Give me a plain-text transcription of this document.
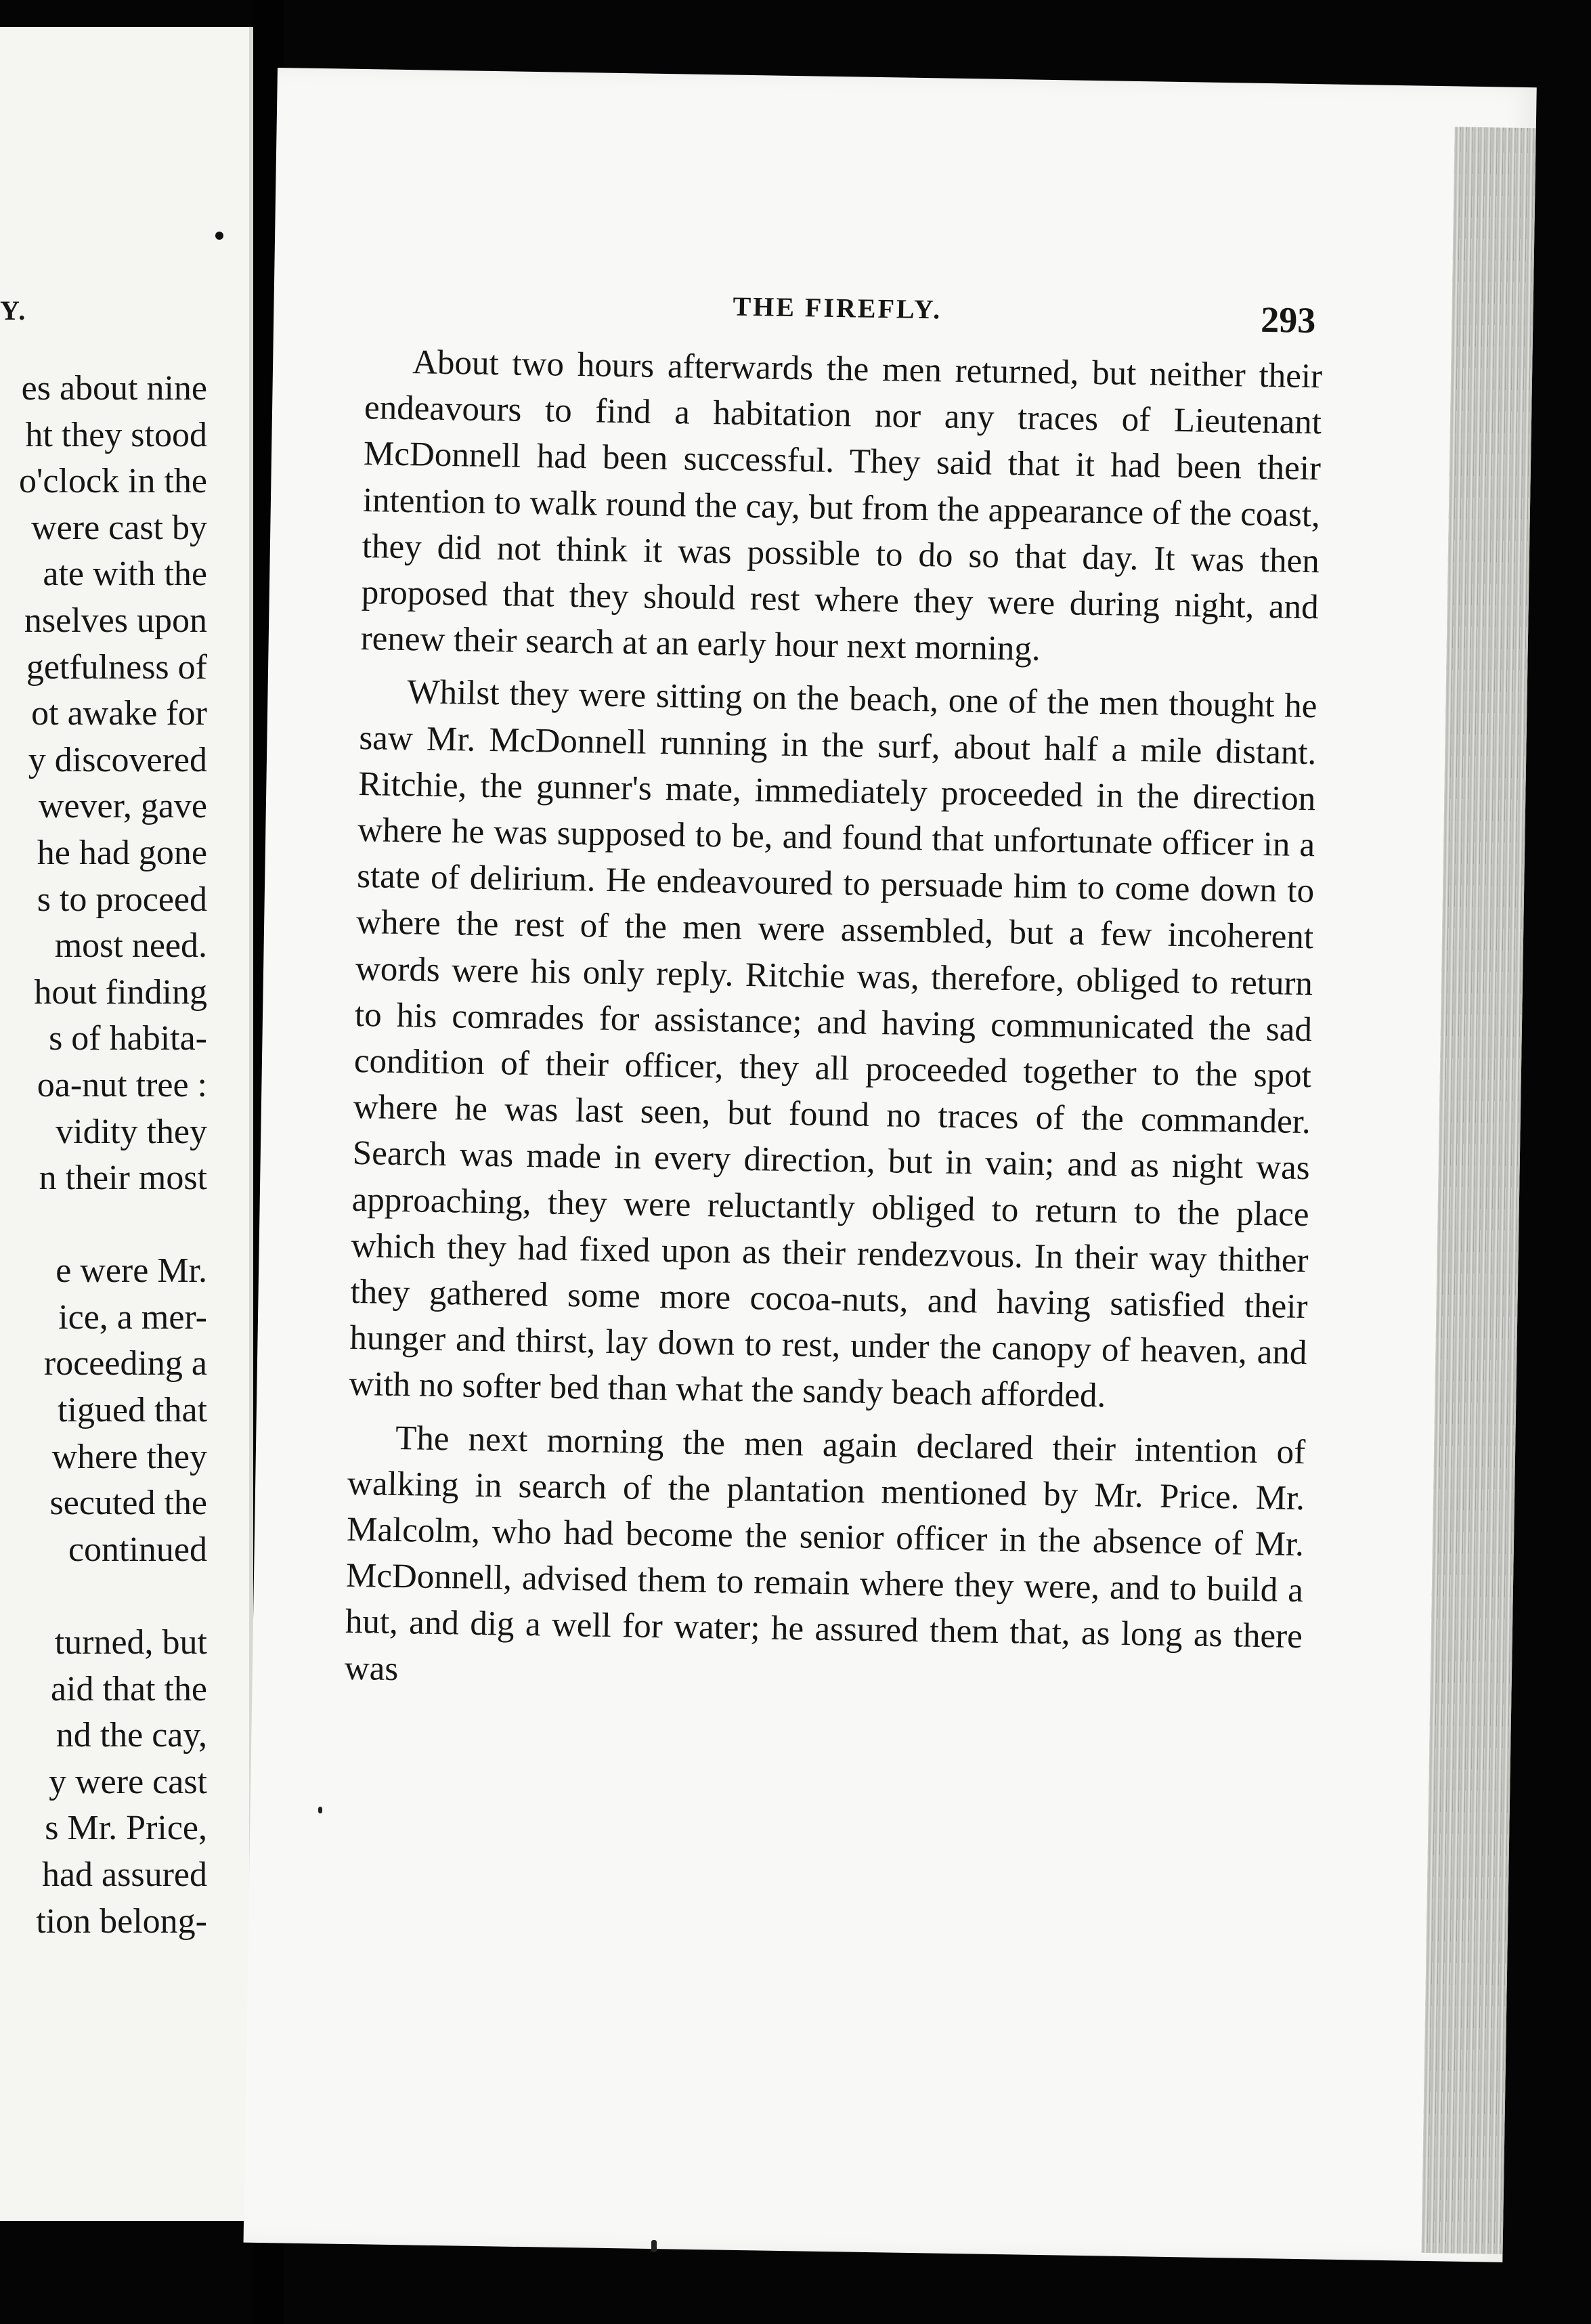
Y.
es about nine
ht they stood
o'clock in the
were cast by
ate with the
nselves upon
getfulness of
ot awake for
y discovered
wever, gave
he had gone
s to proceed
most need.
hout finding
s of habita-
oa-nut tree :
vidity they
n their most
e were Mr.
ice, a mer-
roceeding a
tigued that
where they
secuted the
continued
turned, but
aid that the
nd the cay,
y were cast
s Mr. Price,
had assured
tion belong-
THE FIREFLY.	293

About two hours afterwards the men returned, but neither their endeavours to find a habitation nor any traces of Lieutenant McDonnell had been successful. They said that it had been their intention to walk round the cay, but from the appearance of the coast, they did not think it was possible to do so that day. It was then proposed that they should rest where they were during night, and renew their search at an early hour next morning.

Whilst they were sitting on the beach, one of the men thought he saw Mr. McDonnell running in the surf, about half a mile distant. Ritchie, the gunner's mate, immediately proceeded in the direction where he was supposed to be, and found that unfortunate officer in a state of delirium. He endeavoured to persuade him to come down to where the rest of the men were assembled, but a few incoherent words were his only reply. Ritchie was, therefore, obliged to return to his comrades for assistance; and having communicated the sad condition of their officer, they all proceeded together to the spot where he was last seen, but found no traces of the commander. Search was made in every direction, but in vain; and as night was approaching, they were reluctantly obliged to return to the place which they had fixed upon as their rendezvous. In their way thither they gathered some more cocoa-nuts, and having satisfied their hunger and thirst, lay down to rest, under the canopy of heaven, and with no softer bed than what the sandy beach afforded.

The next morning the men again declared their intention of walking in search of the plantation mentioned by Mr. Price. Mr. Malcolm, who had become the senior officer in the absence of Mr. McDonnell, advised them to remain where they were, and to build a hut, and dig a well for water; he assured them that, as long as there was
